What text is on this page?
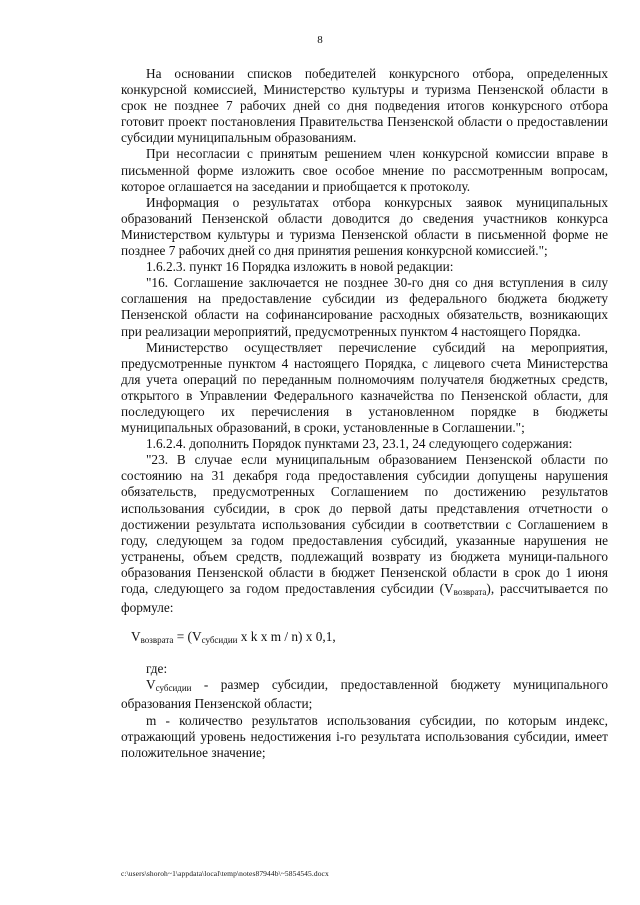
8

На основании списков победителей конкурсного отбора, определенных конкурсной комиссией, Министерство культуры и туризма Пензенской области в срок не позднее 7 рабочих дней со дня подведения итогов конкурсного отбора готовит проект постановления Правительства Пензенской области о предоставлении субсидии муниципальным образованиям.

При несогласии с принятым решением член конкурсной комиссии вправе в письменной форме изложить свое особое мнение по рассмотренным вопросам, которое оглашается на заседании и приобщается к протоколу.

Информация о результатах отбора конкурсных заявок муниципальных образований Пензенской области доводится до сведения участников конкурса Министерством культуры и туризма Пензенской области в письменной форме не позднее 7 рабочих дней со дня принятия решения конкурсной комиссией.";

1.6.2.3. пункт 16 Порядка изложить в новой редакции:

"16. Соглашение заключается не позднее 30-го дня со дня вступления в силу соглашения на предоставление субсидии из федерального бюджета бюджету Пензенской области на софинансирование расходных обязательств, возникающих при реализации мероприятий, предусмотренных пунктом 4 настоящего Порядка.

Министерство осуществляет перечисление субсидий на мероприятия, предусмотренные пунктом 4 настоящего Порядка, с лицевого счета Министерства для учета операций по переданным полномочиям получателя бюджетных средств, открытого в Управлении Федерального казначейства по Пензенской области, для последующего их перечисления в установленном порядке в бюджеты муниципальных образований, в сроки, установленные в Соглашении.";

1.6.2.4. дополнить Порядок пунктами 23, 23.1, 24 следующего содержания:

"23. В случае если муниципальным образованием Пензенской области по состоянию на 31 декабря года предоставления субсидии допущены нарушения обязательств, предусмотренных Соглашением по достижению результатов использования субсидии, в срок до первой даты представления отчетности о достижении результата использования субсидии в соответствии с Соглашением в году, следующем за годом предоставления субсидий, указанные нарушения не устранены, объем средств, подлежащий возврату из бюджета муници-пального образования Пензенской области в бюджет Пензенской области в срок до 1 июня года, следующего за годом предоставления субсидии $(V_{возврата})$, рассчитывается по формуле:

$V_{возврата} = (V_{субсидии}$ x k x m / n) x 0,1,

где:

$V_{субсидии}$ - размер субсидии, предоставленной бюджету муниципального образования Пензенской области;

m - количество результатов использования субсидии, по которым индекс, отражающий уровень недостижения i-го результата использования субсидии, имеет положительное значение;

c:\users\shoroh~1\appdata\local\temp\notes87944b\~5854545.docx
